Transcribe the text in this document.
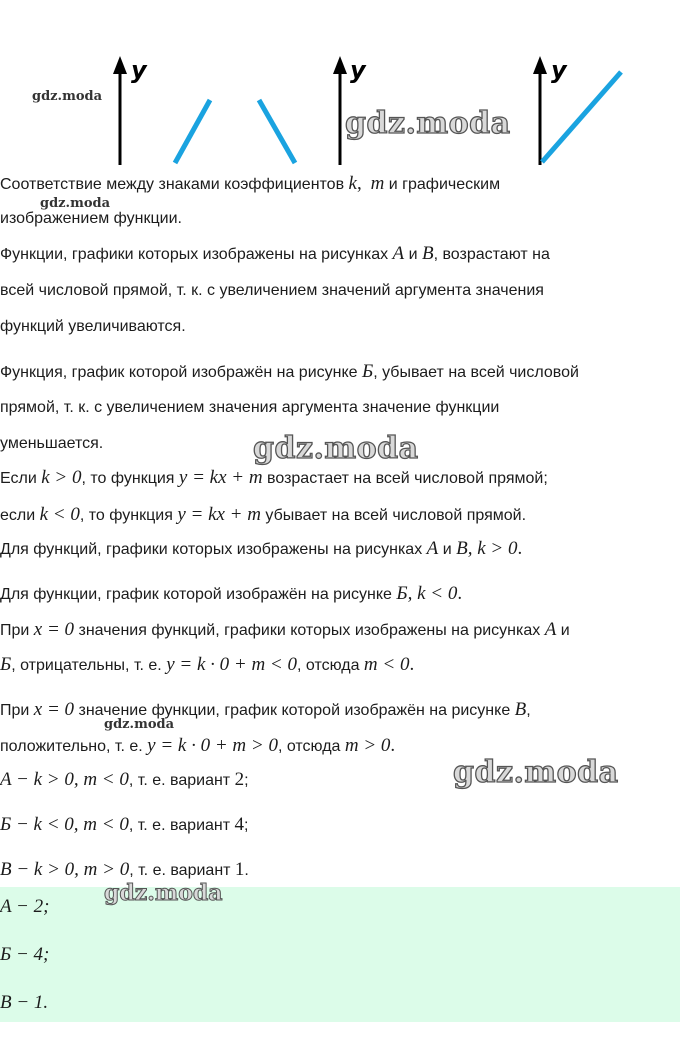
y	y	y
Соответствие между знаками коэффициентов k, m и графическим
изображением функции.
Функции, графики которых изображены на рисунках A и B, возрастают на
всей числовой прямой, т. к. с увеличением значений аргумента значения
функций увеличиваются.
Функция, график которой изображён на рисунке Б, убывает на всей числовой
прямой, т. к. с увеличением значения аргумента значение функции
уменьшается.
Если k > 0, то функция y = kx + m возрастает на всей числовой прямой;
если k < 0, то функция y = kx + m убывает на всей числовой прямой.
Для функций, графики которых изображены на рисунках A и B, k > 0.
Для функции, график которой изображён на рисунке Б, k < 0.
При x = 0 значения функций, графики которых изображены на рисунках A и
Б, отрицательны, т. е. y = k · 0 + m < 0, отсюда m < 0.
При x = 0 значение функции, график которой изображён на рисунке B,
положительно, т. е. y = k · 0 + m > 0, отсюда m > 0.
A − k > 0, m < 0, т. е. вариант 2;
Б − k < 0, m < 0, т. е. вариант 4;
B − k > 0, m > 0, т. е. вариант 1.
A − 2;
Б − 4;
B − 1.
gdz.moda
gdz.moda
gdz.moda
gdz.moda
gdz.moda
gdz.moda
gdz.moda
